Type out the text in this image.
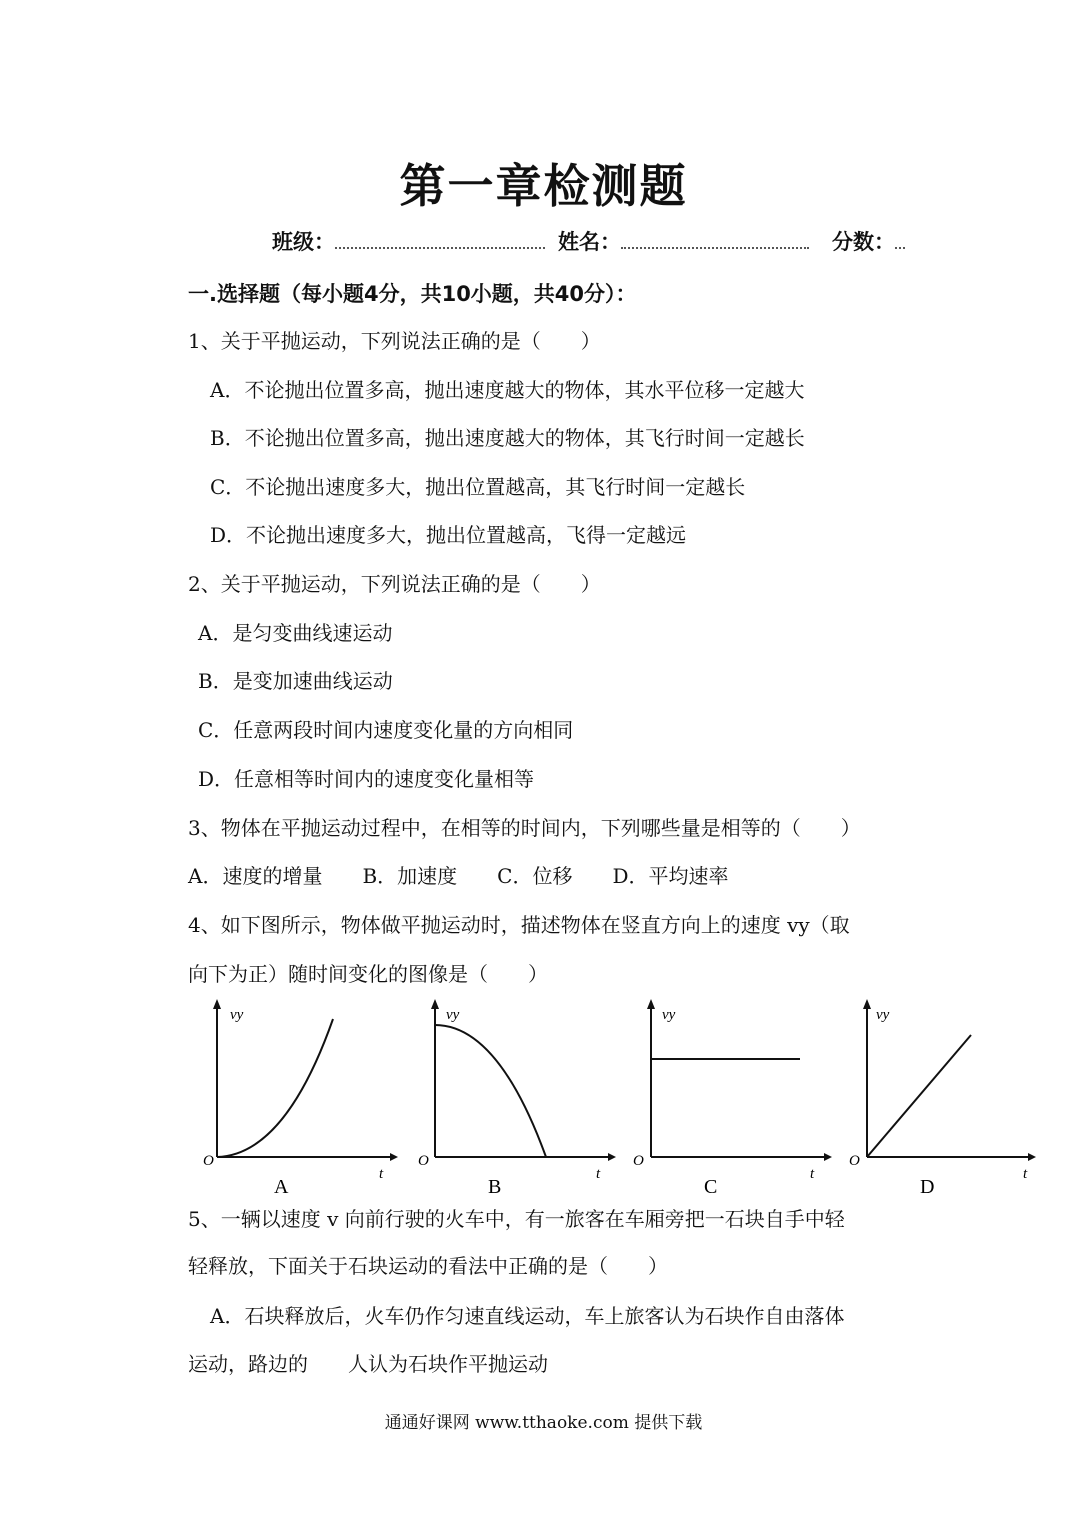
第一章检测题
班级：	姓名：	分数：
一.选择题（每小题4分，共10小题，共40分）：
1、关于平抛运动，下列说法正确的是（　　）
A．不论抛出位置多高，抛出速度越大的物体，其水平位移一定越大
B．不论抛出位置多高，抛出速度越大的物体，其飞行时间一定越长
C．不论抛出速度多大，抛出位置越高，其飞行时间一定越长
D．不论抛出速度多大，抛出位置越高，飞得一定越远
2、关于平抛运动，下列说法正确的是（　　）
A．是匀变曲线速运动
B．是变加速曲线运动
C．任意两段时间内速度变化量的方向相同
D．任意相等时间内的速度变化量相等
3、物体在平抛运动过程中，在相等的时间内，下列哪些量是相等的（　　）
A．速度的增量　　B．加速度　　C．位移　　D．平均速率
4、如下图所示，物体做平抛运动时，描述物体在竖直方向上的速度 vy（取
向下为正）随时间变化的图像是（　　）
vy
O
t
A
vy
O
t
B
vy
O
t
C
vy
O
t
D
5、一辆以速度 v 向前行驶的火车中，有一旅客在车厢旁把一石块自手中轻
轻释放，下面关于石块运动的看法中正确的是（　　）
A．石块释放后，火车仍作匀速直线运动，车上旅客认为石块作自由落体
运动，路边的　　人认为石块作平抛运动
通通好课网 www.tthaoke.com 提供下载
